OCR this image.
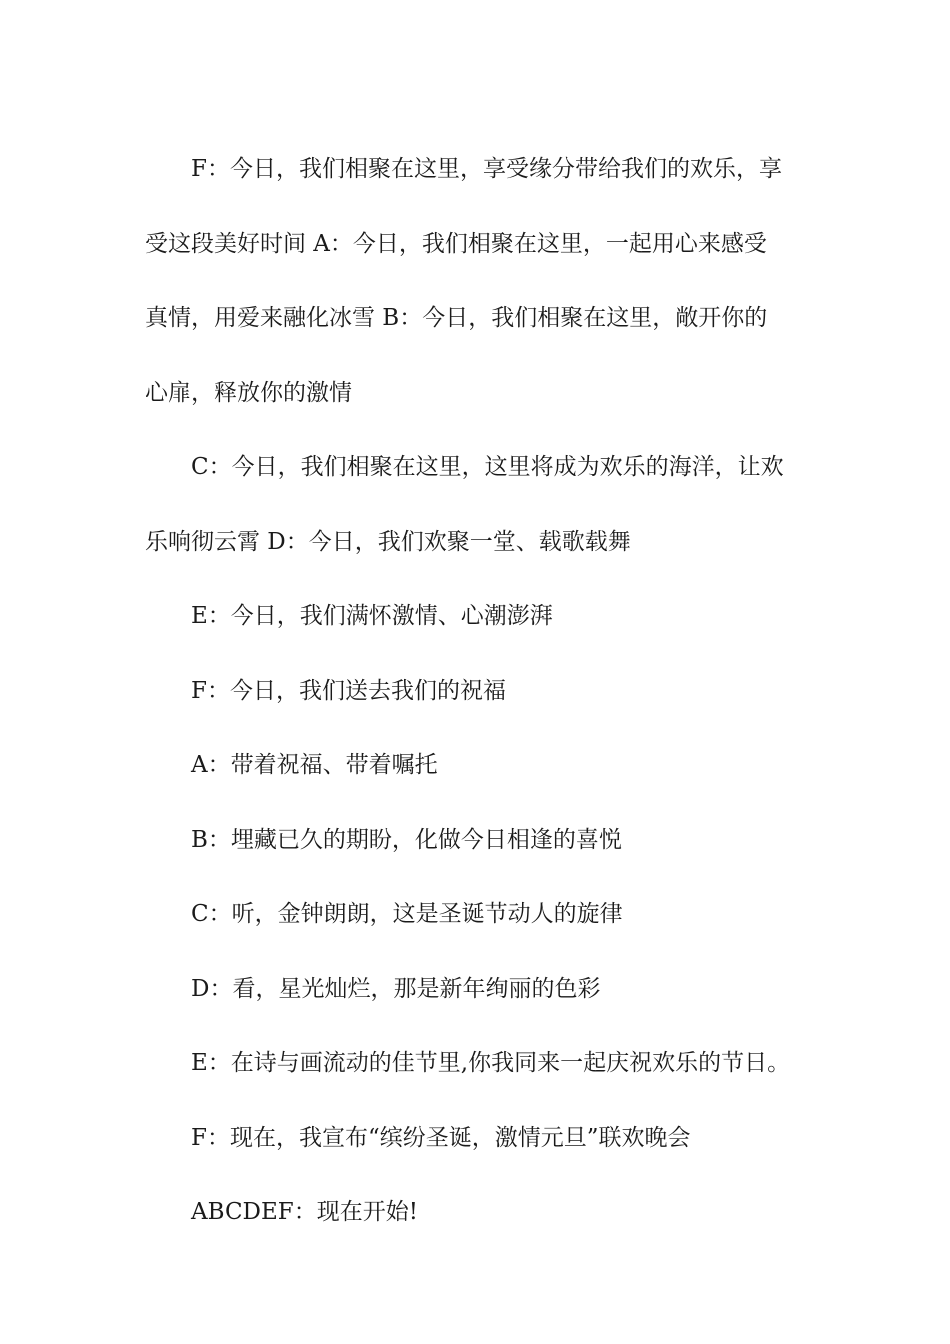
F：今日，我们相聚在这里，享受缘分带给我们的欢乐，享
受这段美好时间 A：今日，我们相聚在这里，一起用心来感受
真情，用爱来融化冰雪 B：今日，我们相聚在这里，敞开你的
心扉，释放你的激情
C：今日，我们相聚在这里，这里将成为欢乐的海洋，让欢
乐响彻云霄 D：今日，我们欢聚一堂、载歌载舞
E：今日，我们满怀激情、心潮澎湃
F：今日，我们送去我们的祝福
A：带着祝福、带着嘱托
B：埋藏已久的期盼，化做今日相逢的喜悦
C：听，金钟朗朗，这是圣诞节动人的旋律
D：看，星光灿烂，那是新年绚丽的色彩
E：在诗与画流动的佳节里,你我同来一起庆祝欢乐的节日。
F：现在，我宣布“缤纷圣诞，激情元旦”联欢晚会
ABCDEF：现在开始!
